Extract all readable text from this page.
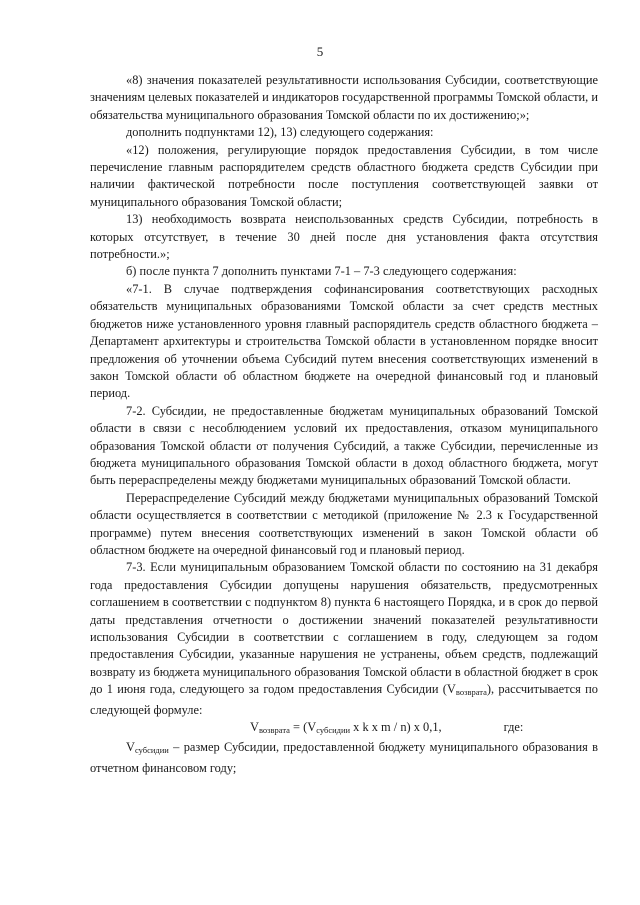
5

«8) значения показателей результативности использования Субсидии, соответствующие значениям целевых показателей и индикаторов государственной программы Томской области, и обязательства муниципального образования Томской области по их достижению;»;

дополнить подпунктами 12), 13) следующего содержания:

«12) положения, регулирующие порядок предоставления Субсидии, в том числе перечисление главным распорядителем средств областного бюджета средств Субсидии при наличии фактической потребности после поступления соответствующей заявки от муниципального образования Томской области;

13) необходимость возврата неиспользованных средств Субсидии, потребность в которых отсутствует, в течение 30 дней после дня установления факта отсутствия потребности.»;

б) после пункта 7 дополнить пунктами 7-1 – 7-3 следующего содержания:

«7-1. В случае подтверждения софинансирования соответствующих расходных обязательств муниципальных образованиями Томской области за счет средств местных бюджетов ниже установленного уровня главный распорядитель средств областного бюджета – Департамент архитектуры и строительства Томской области в установленном порядке вносит предложения об уточнении объема Субсидий путем внесения соответствующих изменений в закон Томской области об областном бюджете на очередной финансовый год и плановый период.

7-2. Субсидии, не предоставленные бюджетам муниципальных образований Томской области в связи с несоблюдением условий их предоставления, отказом муниципального образования Томской области от получения Субсидий, а также Субсидии, перечисленные из бюджета муниципального образования Томской области в доход областного бюджета, могут быть перераспределены между бюджетами муниципальных образований Томской области.

Перераспределение Субсидий между бюджетами муниципальных образований Томской области осуществляется в соответствии с методикой (приложение № 2.3 к Государственной программе) путем внесения соответствующих изменений в закон Томской области об областном бюджете на очередной финансовый год и плановый период.

7-3. Если муниципальным образованием Томской области по состоянию на 31 декабря года предоставления Субсидии допущены нарушения обязательств, предусмотренных соглашением в соответствии с подпунктом 8) пункта 6 настоящего Порядка, и в срок до первой даты представления отчетности о достижении значений показателей результативности использования Субсидии в соответствии с соглашением в году, следующем за годом предоставления Субсидии, указанные нарушения не устранены, объем средств, подлежащий возврату из бюджета муниципального образования Томской области в областной бюджет в срок до 1 июня года, следующего за годом предоставления Субсидии $(V_{возврата})$, рассчитывается по следующей формуле:

$V_{возврата} = (V_{субсидии}$ x k x m / n) x 0,1,	где:

$V_{субсидии}$ – размер Субсидии, предоставленной бюджету муниципального образования в отчетном финансовом году;
